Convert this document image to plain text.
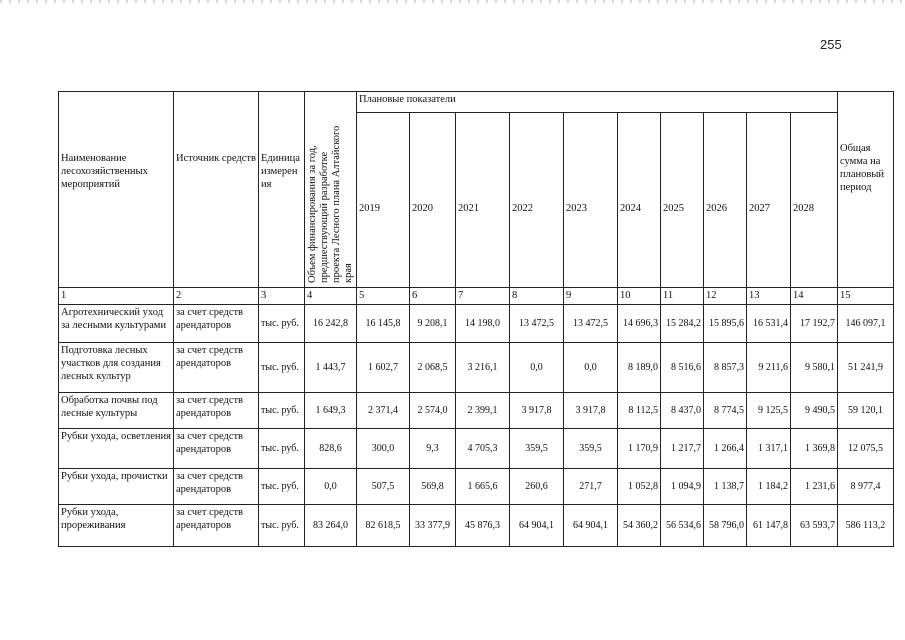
255
Наименование лесохозяйственных мероприятий	Источник средств	Единица измерен ия	Объем финансирования за год, предшествующий разработке проекта Лесного плана Алтайского края	Плановые показатели										Общая сумма на плановый период
				2019	2020	2021	2022	2023	2024	2025	2026	2027	2028	
1	2	3	4	5	6	7	8	9	10	11	12	13	14	15
Агротехнический уход за лесными культурами	за счет средств арендаторов	тыс. руб.	16 242,8	16 145,8	9 208,1	14 198,0	13 472,5	13 472,5	14 696,3	15 284,2	15 895,6	16 531,4	17 192,7	146 097,1
Подготовка лесных участков для создания лесных культур	за счет средств арендаторов	тыс. руб.	1 443,7	1 602,7	2 068,5	3 216,1	0,0	0,0	8 189,0	8 516,6	8 857,3	9 211,6	9 580,1	51 241,9
Обработка почвы под лесные культуры	за счет средств арендаторов	тыс. руб.	1 649,3	2 371,4	2 574,0	2 399,1	3 917,8	3 917,8	8 112,5	8 437,0	8 774,5	9 125,5	9 490,5	59 120,1
Рубки ухода, осветления	за счет средств арендаторов	тыс. руб.	828,6	300,0	9,3	4 705,3	359,5	359,5	1 170,9	1 217,7	1 266,4	1 317,1	1 369,8	12 075,5
Рубки ухода, прочистки	за счет средств арендаторов	тыс. руб.	0,0	507,5	569,8	1 665,6	260,6	271,7	1 052,8	1 094,9	1 138,7	1 184,2	1 231,6	8 977,4
Рубки ухода, прореживания	за счет средств арендаторов	тыс. руб.	83 264,0	82 618,5	33 377,9	45 876,3	64 904,1	64 904,1	54 360,2	56 534,6	58 796,0	61 147,8	63 593,7	586 113,2
